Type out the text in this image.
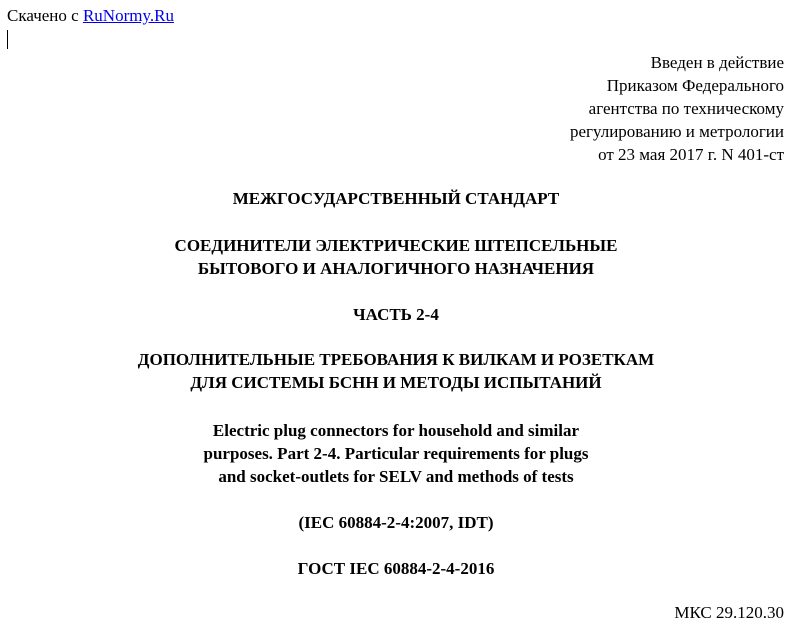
Скачено с RuNormy.Ru
Введен в действие
Приказом Федерального
агентства по техническому
регулированию и метрологии
от 23 мая 2017 г. N 401-ст
МЕЖГОСУДАРСТВЕННЫЙ СТАНДАРТ
СОЕДИНИТЕЛИ ЭЛЕКТРИЧЕСКИЕ ШТЕПСЕЛЬНЫЕ
БЫТОВОГО И АНАЛОГИЧНОГО НАЗНАЧЕНИЯ
ЧАСТЬ 2-4
ДОПОЛНИТЕЛЬНЫЕ ТРЕБОВАНИЯ К ВИЛКАМ И РОЗЕТКАМ
ДЛЯ СИСТЕМЫ БСНН И МЕТОДЫ ИСПЫТАНИЙ
Electric plug connectors for household and similar
purposes. Part 2-4. Particular requirements for plugs
and socket-outlets for SELV and methods of tests
(IEC 60884-2-4:2007, IDT)
ГОСТ IEC 60884-2-4-2016
МКС 29.120.30
